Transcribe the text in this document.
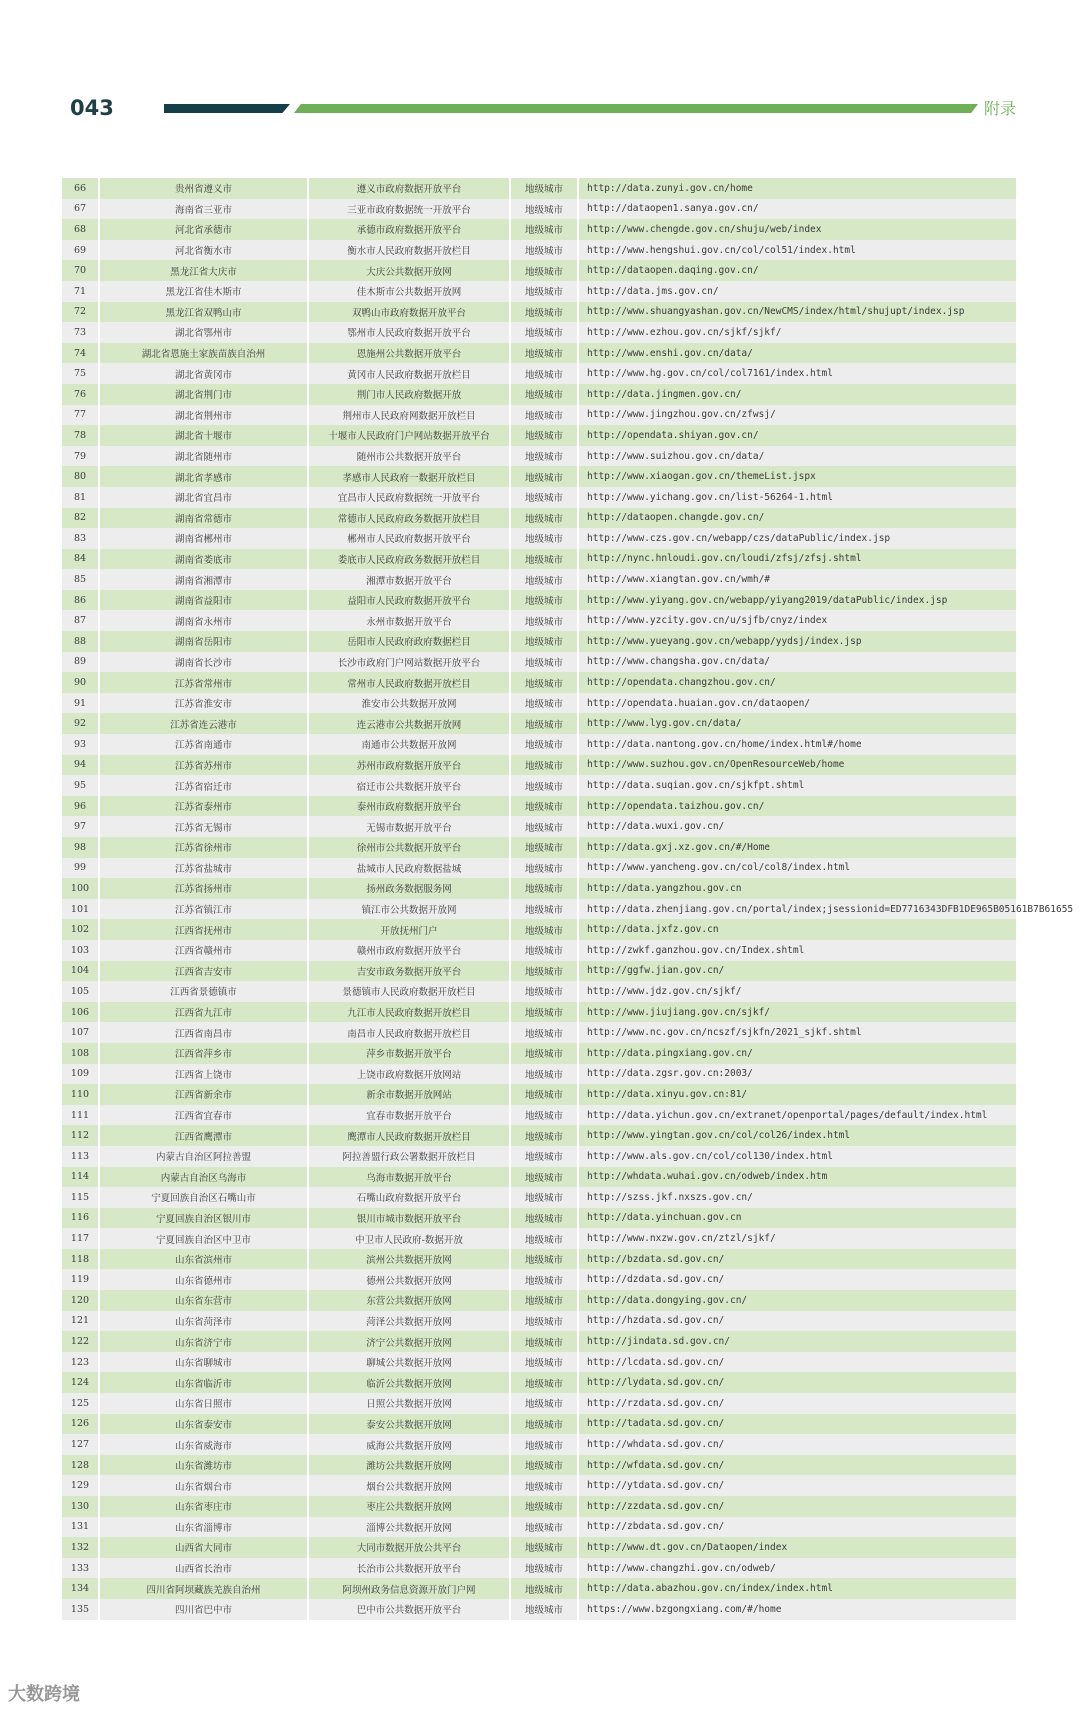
043	附录
66	贵州省遵义市	遵义市政府数据开放平台	地级城市	http://data.zunyi.gov.cn/home
67	海南省三亚市	三亚市政府数据统一开放平台	地级城市	http://dataopen1.sanya.gov.cn/
68	河北省承德市	承德市政府数据开放平台	地级城市	http://www.chengde.gov.cn/shuju/web/index
69	河北省衡水市	衡水市人民政府数据开放栏目	地级城市	http://www.hengshui.gov.cn/col/col51/index.html
70	黑龙江省大庆市	大庆公共数据开放网	地级城市	http://dataopen.daqing.gov.cn/
71	黑龙江省佳木斯市	佳木斯市公共数据开放网	地级城市	http://data.jms.gov.cn/
72	黑龙江省双鸭山市	双鸭山市政府数据开放平台	地级城市	http://www.shuangyashan.gov.cn/NewCMS/index/html/shujupt/index.jsp
73	湖北省鄂州市	鄂州市人民政府数据开放平台	地级城市	http://www.ezhou.gov.cn/sjkf/sjkf/
74	湖北省恩施土家族苗族自治州	恩施州公共数据开放平台	地级城市	http://www.enshi.gov.cn/data/
75	湖北省黄冈市	黄冈市人民政府数据开放栏目	地级城市	http://www.hg.gov.cn/col/col7161/index.html
76	湖北省荆门市	荆门市人民政府数据开放	地级城市	http://data.jingmen.gov.cn/
77	湖北省荆州市	荆州市人民政府网数据开放栏目	地级城市	http://www.jingzhou.gov.cn/zfwsj/
78	湖北省十堰市	十堰市人民政府门户网站数据开放平台	地级城市	http://opendata.shiyan.gov.cn/
79	湖北省随州市	随州市公共数据开放平台	地级城市	http://www.suizhou.gov.cn/data/
80	湖北省孝感市	孝感市人民政府一数据开放栏目	地级城市	http://www.xiaogan.gov.cn/themeList.jspx
81	湖北省宜昌市	宜昌市人民政府数据统一开放平台	地级城市	http://www.yichang.gov.cn/list-56264-1.html
82	湖南省常德市	常德市人民政府政务数据开放栏目	地级城市	http://dataopen.changde.gov.cn/
83	湖南省郴州市	郴州市人民政府数据开放平台	地级城市	http://www.czs.gov.cn/webapp/czs/dataPublic/index.jsp
84	湖南省娄底市	娄底市人民政府政务数据开放栏目	地级城市	http://nync.hnloudi.gov.cn/loudi/zfsj/zfsj.shtml
85	湖南省湘潭市	湘潭市数据开放平台	地级城市	http://www.xiangtan.gov.cn/wmh/#
86	湖南省益阳市	益阳市人民政府数据开放平台	地级城市	http://www.yiyang.gov.cn/webapp/yiyang2019/dataPublic/index.jsp
87	湖南省永州市	永州市数据开放平台	地级城市	http://www.yzcity.gov.cn/u/sjfb/cnyz/index
88	湖南省岳阳市	岳阳市人民政府政府数据栏目	地级城市	http://www.yueyang.gov.cn/webapp/yydsj/index.jsp
89	湖南省长沙市	长沙市政府门户网站数据开放平台	地级城市	http://www.changsha.gov.cn/data/
90	江苏省常州市	常州市人民政府数据开放栏目	地级城市	http://opendata.changzhou.gov.cn/
91	江苏省淮安市	淮安市公共数据开放网	地级城市	http://opendata.huaian.gov.cn/dataopen/
92	江苏省连云港市	连云港市公共数据开放网	地级城市	http://www.lyg.gov.cn/data/
93	江苏省南通市	南通市公共数据开放网	地级城市	http://data.nantong.gov.cn/home/index.html#/home
94	江苏省苏州市	苏州市政府数据开放平台	地级城市	http://www.suzhou.gov.cn/OpenResourceWeb/home
95	江苏省宿迁市	宿迁市公共数据开放平台	地级城市	http://data.suqian.gov.cn/sjkfpt.shtml
96	江苏省泰州市	泰州市政府数据开放平台	地级城市	http://opendata.taizhou.gov.cn/
97	江苏省无锡市	无锡市数据开放平台	地级城市	http://data.wuxi.gov.cn/
98	江苏省徐州市	徐州市公共数据开放平台	地级城市	http://data.gxj.xz.gov.cn/#/Home
99	江苏省盐城市	盐城市人民政府数据盐城	地级城市	http://www.yancheng.gov.cn/col/col8/index.html
100	江苏省扬州市	扬州政务数据服务网	地级城市	http://data.yangzhou.gov.cn
101	江苏省镇江市	镇江市公共数据开放网	地级城市	http://data.zhenjiang.gov.cn/portal/index;jsessionid=ED7716343DFB1DE965B05161B7B61655
102	江西省抚州市	开放抚州门户	地级城市	http://data.jxfz.gov.cn
103	江西省赣州市	赣州市政府数据开放平台	地级城市	http://zwkf.ganzhou.gov.cn/Index.shtml
104	江西省吉安市	吉安市政务数据开放平台	地级城市	http://ggfw.jian.gov.cn/
105	江西省景德镇市	景德镇市人民政府数据开放栏目	地级城市	http://www.jdz.gov.cn/sjkf/
106	江西省九江市	九江市人民政府数据开放栏目	地级城市	http://www.jiujiang.gov.cn/sjkf/
107	江西省南昌市	南昌市人民政府数据开放栏目	地级城市	http://www.nc.gov.cn/ncszf/sjkfn/2021_sjkf.shtml
108	江西省萍乡市	萍乡市数据开放平台	地级城市	http://data.pingxiang.gov.cn/
109	江西省上饶市	上饶市政府数据开放网站	地级城市	http://data.zgsr.gov.cn:2003/
110	江西省新余市	新余市数据开放网站	地级城市	http://data.xinyu.gov.cn:81/
111	江西省宜春市	宜春市数据开放平台	地级城市	http://data.yichun.gov.cn/extranet/openportal/pages/default/index.html
112	江西省鹰潭市	鹰潭市人民政府数据开放栏目	地级城市	http://www.yingtan.gov.cn/col/col26/index.html
113	内蒙古自治区阿拉善盟	阿拉善盟行政公署数据开放栏目	地级城市	http://www.als.gov.cn/col/col130/index.html
114	内蒙古自治区乌海市	乌海市数据开放平台	地级城市	http://whdata.wuhai.gov.cn/odweb/index.htm
115	宁夏回族自治区石嘴山市	石嘴山政府数据开放平台	地级城市	http://szss.jkf.nxszs.gov.cn/
116	宁夏回族自治区银川市	银川市城市数据开放平台	地级城市	http://data.yinchuan.gov.cn
117	宁夏回族自治区中卫市	中卫市人民政府-数据开放	地级城市	http://www.nxzw.gov.cn/ztzl/sjkf/
118	山东省滨州市	滨州公共数据开放网	地级城市	http://bzdata.sd.gov.cn/
119	山东省德州市	德州公共数据开放网	地级城市	http://dzdata.sd.gov.cn/
120	山东省东营市	东营公共数据开放网	地级城市	http://data.dongying.gov.cn/
121	山东省菏泽市	菏泽公共数据开放网	地级城市	http://hzdata.sd.gov.cn/
122	山东省济宁市	济宁公共数据开放网	地级城市	http://jindata.sd.gov.cn/
123	山东省聊城市	聊城公共数据开放网	地级城市	http://lcdata.sd.gov.cn/
124	山东省临沂市	临沂公共数据开放网	地级城市	http://lydata.sd.gov.cn/
125	山东省日照市	日照公共数据开放网	地级城市	http://rzdata.sd.gov.cn/
126	山东省泰安市	泰安公共数据开放网	地级城市	http://tadata.sd.gov.cn/
127	山东省威海市	威海公共数据开放网	地级城市	http://whdata.sd.gov.cn/
128	山东省潍坊市	潍坊公共数据开放网	地级城市	http://wfdata.sd.gov.cn/
129	山东省烟台市	烟台公共数据开放网	地级城市	http://ytdata.sd.gov.cn/
130	山东省枣庄市	枣庄公共数据开放网	地级城市	http://zzdata.sd.gov.cn/
131	山东省淄博市	淄博公共数据开放网	地级城市	http://zbdata.sd.gov.cn/
132	山西省大同市	大同市数据开放公共平台	地级城市	http://www.dt.gov.cn/Dataopen/index
133	山西省长治市	长治市公共数据开放平台	地级城市	http://www.changzhi.gov.cn/odweb/
134	四川省阿坝藏族羌族自治州	阿坝州政务信息资源开放门户网	地级城市	http://data.abazhou.gov.cn/index/index.html
135	四川省巴中市	巴中市公共数据开放平台	地级城市	https://www.bzgongxiang.com/#/home
大数跨境
